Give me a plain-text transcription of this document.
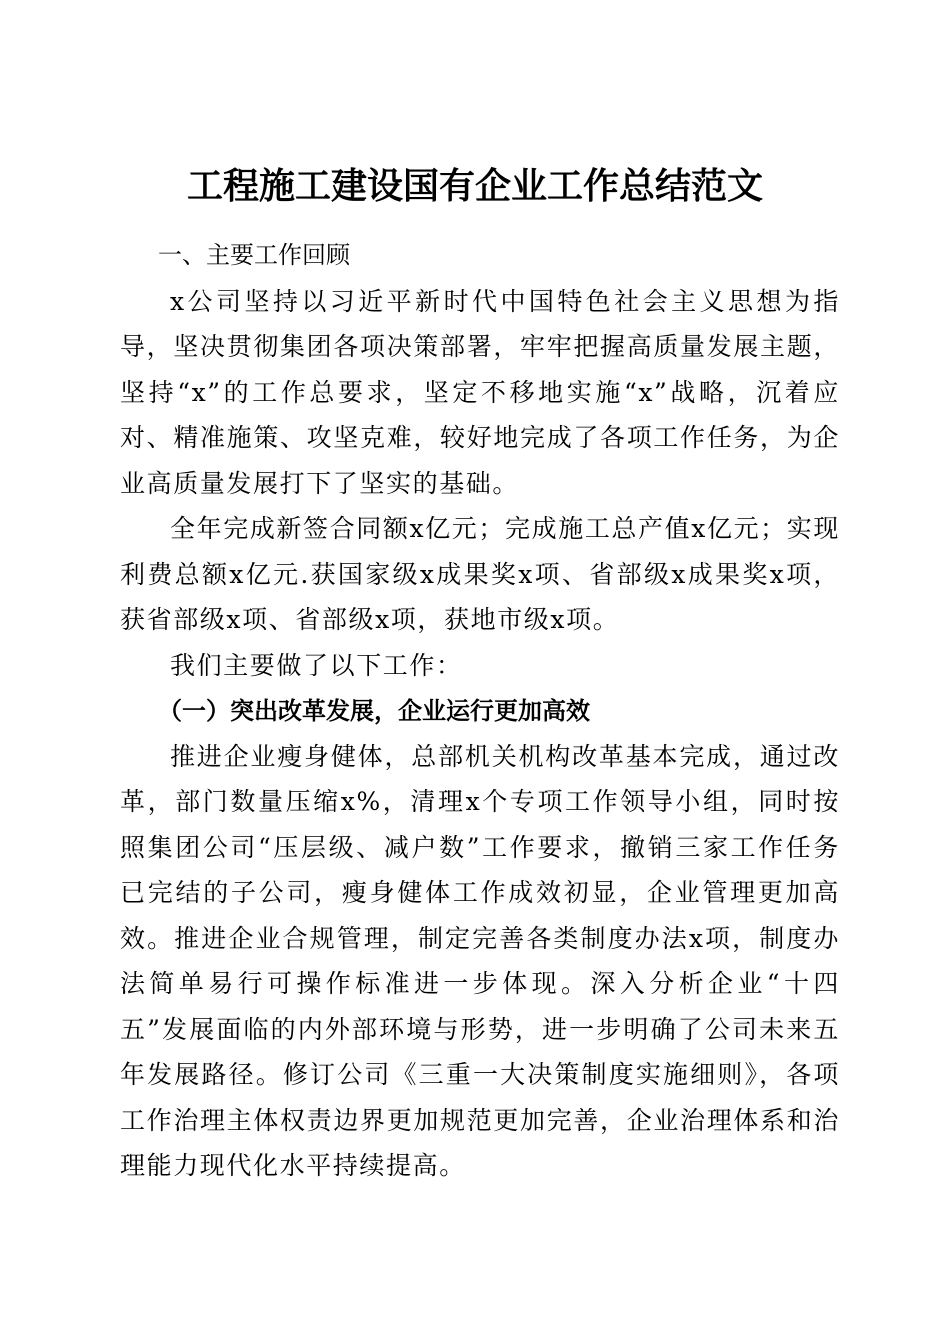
工程施工建设国有企业工作总结范文
一、主要工作回顾

x公司坚持以习近平新时代中国特色社会主义思想为指导，坚决贯彻集团各项决策部署，牢牢把握高质量发展主题，坚持“x”的工作总要求，坚定不移地实施“x”战略，沉着应对、精准施策、攻坚克难，较好地完成了各项工作任务，为企业高质量发展打下了坚实的基础。

全年完成新签合同额x亿元；完成施工总产值x亿元；实现利费总额x亿元.获国家级x成果奖x项、省部级x成果奖x项，获省部级x项、省部级x项，获地市级x项。

我们主要做了以下工作：

（一）突出改革发展，企业运行更加高效

推进企业瘦身健体，总部机关机构改革基本完成，通过改革，部门数量压缩x%，清理x个专项工作领导小组，同时按照集团公司“压层级、减户数”工作要求，撤销三家工作任务已完结的子公司，瘦身健体工作成效初显，企业管理更加高效。推进企业合规管理，制定完善各类制度办法x项，制度办法简单易行可操作标准进一步体现。深入分析企业“十四五”发展面临的内外部环境与形势，进一步明确了公司未来五年发展路径。修订公司《三重一大决策制度实施细则》，各项工作治理主体权责边界更加规范更加完善，企业治理体系和治理能力现代化水平持续提高。
